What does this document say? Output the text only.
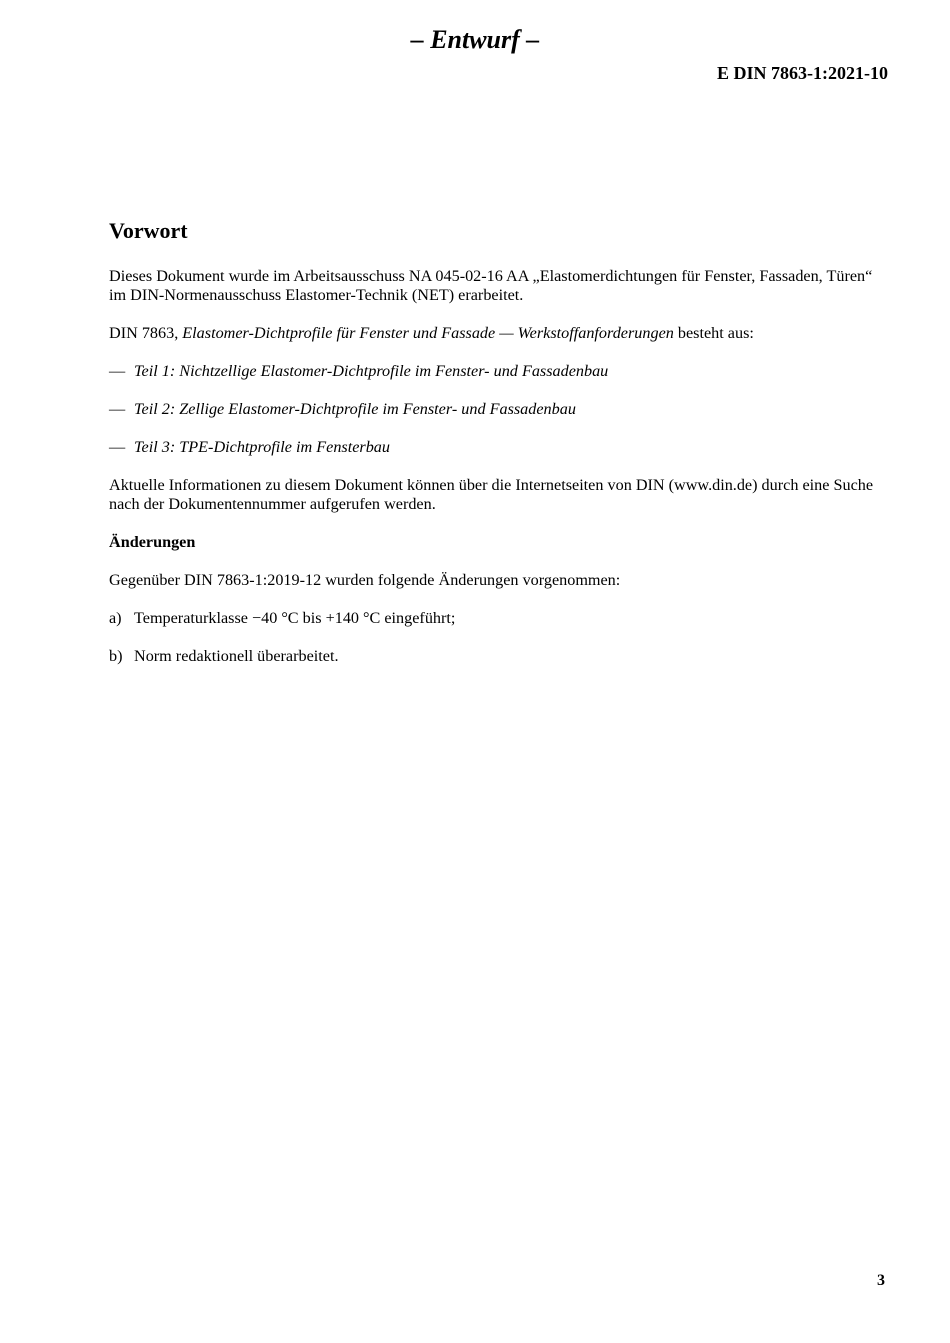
– Entwurf –
E DIN 7863-1:2021-10
Vorwort

Dieses Dokument wurde im Arbeitsausschuss NA 045-02-16 AA „Elastomerdichtungen für Fenster, Fassaden, Türen“ im DIN-Normenausschuss Elastomer-Technik (NET) erarbeitet.

DIN 7863, Elastomer-Dichtprofile für Fenster und Fassade — Werkstoffanforderungen besteht aus:

— Teil 1: Nichtzellige Elastomer-Dichtprofile im Fenster- und Fassadenbau
— Teil 2: Zellige Elastomer-Dichtprofile im Fenster- und Fassadenbau
— Teil 3: TPE-Dichtprofile im Fensterbau

Aktuelle Informationen zu diesem Dokument können über die Internetseiten von DIN (www.din.de) durch eine Suche nach der Dokumentennummer aufgerufen werden.

Änderungen

Gegenüber DIN 7863-1:2019-12 wurden folgende Änderungen vorgenommen:

a) Temperaturklasse −40 °C bis +140 °C eingeführt;
b) Norm redaktionell überarbeitet.
3
